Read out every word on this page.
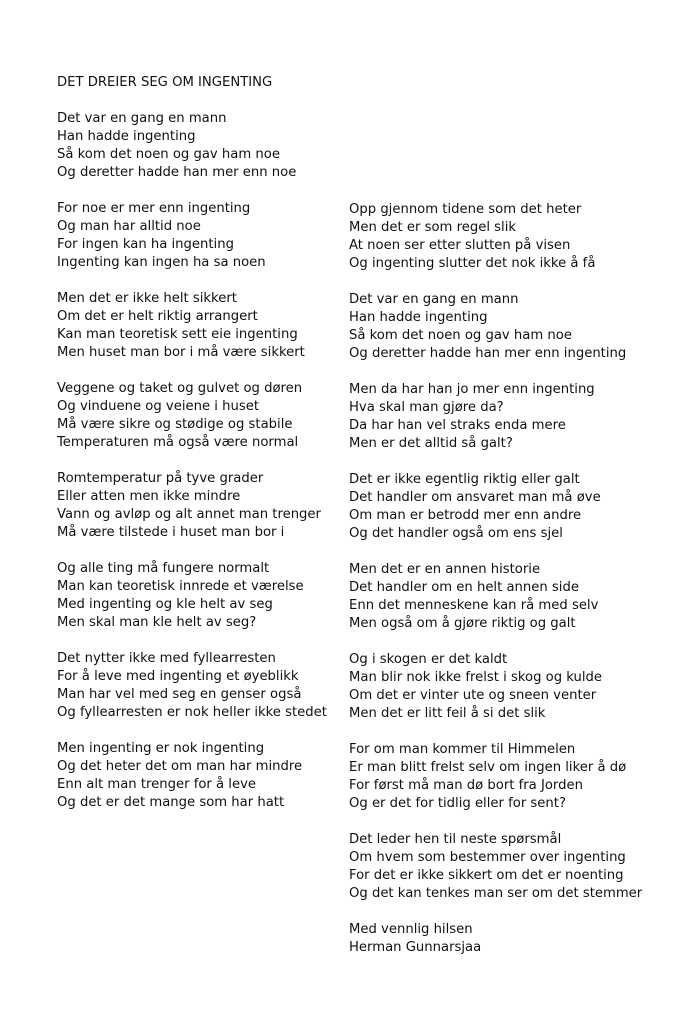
DET DREIER SEG OM INGENTING
Det var en gang en mann
Han hadde ingenting
Så kom det noen og gav ham noe
Og deretter hadde han mer enn noe
For noe er mer enn ingenting
Og man har alltid noe
For ingen kan ha ingenting
Ingenting kan ingen ha sa noen
Men det er ikke helt sikkert
Om det er helt riktig arrangert
Kan man teoretisk sett eie ingenting
Men huset man bor i må være sikkert
Veggene og taket og gulvet og døren
Og vinduene og veiene i huset
Må være sikre og stødige og stabile
Temperaturen må også være normal
Romtemperatur på tyve grader
Eller atten men ikke mindre
Vann og avløp og alt annet man trenger
Må være tilstede i huset man bor i
Og alle ting må fungere normalt
Man kan teoretisk innrede et værelse
Med ingenting og kle helt av seg
Men skal man kle helt av seg?
Det nytter ikke med fyllearresten
For å leve med ingenting et øyeblikk
Man har vel med seg en genser også
Og fyllearresten er nok heller ikke stedet
Men ingenting er nok ingenting
Og det heter det om man har mindre
Enn alt man trenger for å leve
Og det er det mange som har hatt
Opp gjennom tidene som det heter
Men det er som regel slik
At noen ser etter slutten på visen
Og ingenting slutter det nok ikke å få
Det var en gang en mann
Han hadde ingenting
Så kom det noen og gav ham noe
Og deretter hadde han mer enn ingenting
Men da har han jo mer enn ingenting
Hva skal man gjøre da?
Da har han vel straks enda mere
Men er det alltid så galt?
Det er ikke egentlig riktig eller galt
Det handler om ansvaret man må øve
Om man er betrodd mer enn andre
Og det handler også om ens sjel
Men det er en annen historie
Det handler om en helt annen side
Enn det menneskene kan rå med selv
Men også om å gjøre riktig og galt
Og i skogen er det kaldt
Man blir nok ikke frelst i skog og kulde
Om det er vinter ute og sneen venter
Men det er litt feil å si det slik
For om man kommer til Himmelen
Er man blitt frelst selv om ingen liker å dø
For først må man dø bort fra Jorden
Og er det for tidlig eller for sent?
Det leder hen til neste spørsmål
Om hvem som bestemmer over ingenting
For det er ikke sikkert om det er noenting
Og det kan tenkes man ser om det stemmer
Med vennlig hilsen
Herman Gunnarsjaa
